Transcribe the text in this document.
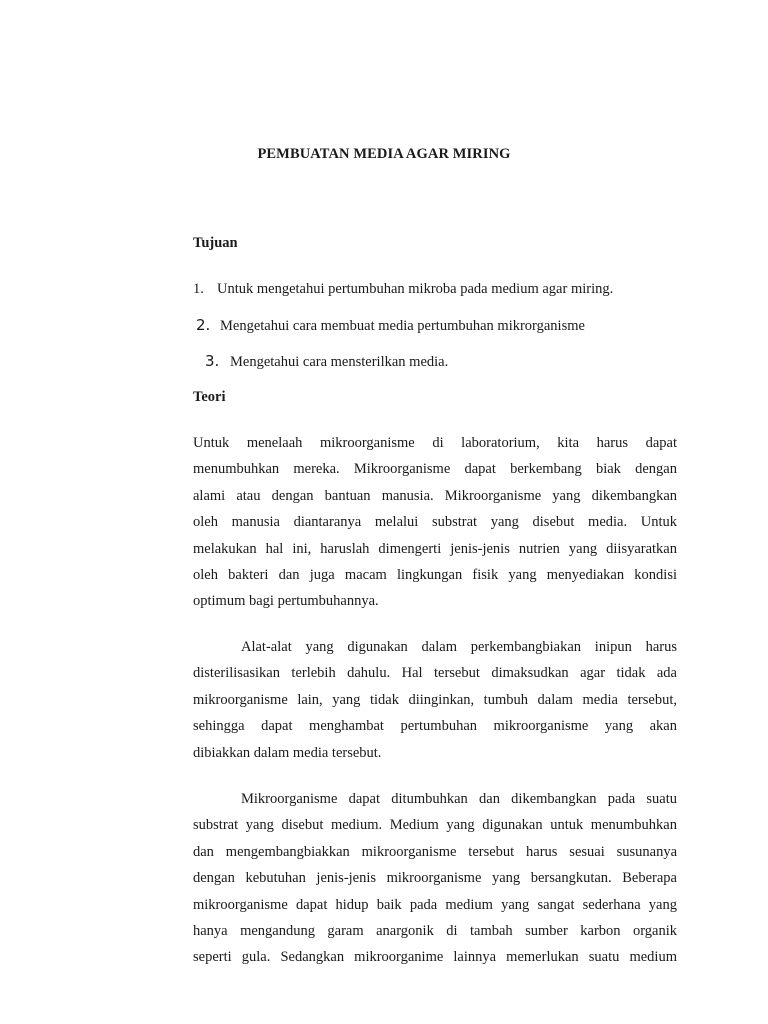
PEMBUATAN MEDIA AGAR MIRING
Tujuan
1. Untuk mengetahui pertumbuhan mikroba pada medium agar miring.
2. Mengetahui cara membuat media pertumbuhan mikrorganisme
3. Mengetahui cara mensterilkan media.
Teori
Untuk menelaah mikroorganisme di laboratorium, kita harus dapat
menumbuhkan mereka. Mikroorganisme dapat berkembang biak dengan
alami atau dengan bantuan manusia. Mikroorganisme yang dikembangkan
oleh manusia diantaranya melalui substrat yang disebut media. Untuk
melakukan hal ini, haruslah dimengerti jenis-jenis nutrien yang diisyaratkan
oleh bakteri dan juga macam lingkungan fisik yang menyediakan kondisi
optimum bagi pertumbuhannya.
Alat-alat yang digunakan dalam perkembangbiakan inipun harus
disterilisasikan terlebih dahulu. Hal tersebut dimaksudkan agar tidak ada
mikroorganisme lain, yang tidak diinginkan, tumbuh dalam media tersebut,
sehingga dapat menghambat pertumbuhan mikroorganisme yang akan
dibiakkan dalam media tersebut.
Mikroorganisme dapat ditumbuhkan dan dikembangkan pada suatu
substrat yang disebut medium. Medium yang digunakan untuk menumbuhkan
dan mengembangbiakkan mikroorganisme tersebut harus sesuai susunanya
dengan kebutuhan jenis-jenis mikroorganisme yang bersangkutan. Beberapa
mikroorganisme dapat hidup baik pada medium yang sangat sederhana yang
hanya mengandung garam anargonik di tambah sumber karbon organik
seperti gula. Sedangkan mikroorganime lainnya memerlukan suatu medium
